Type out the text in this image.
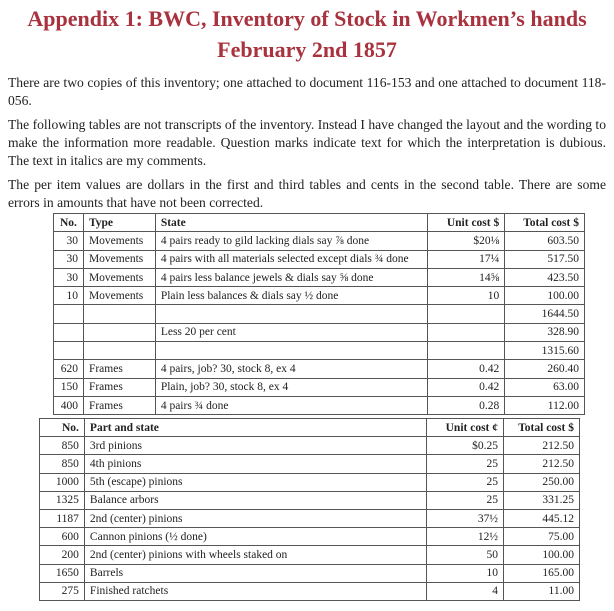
Appendix 1: BWC, Inventory of Stock in Workmen’s hands
February 2nd 1857

There are two copies of this inventory; one attached to document 116-153 and one attached to document 118-056.

The following tables are not transcripts of the inventory. Instead I have changed the layout and the wording to make the information more readable. Question marks indicate text for which the interpretation is dubious. The text in italics are my comments.

The per item values are dollars in the first and third tables and cents in the second table. There are some errors in amounts that have not been corrected.

No.	Type	State	Unit cost $	Total cost $
30	Movements	4 pairs ready to gild lacking dials say ⅞ done	$20⅛	603.50
30	Movements	4 pairs with all materials selected except dials ¾ done	17¼	517.50
30	Movements	4 pairs less balance jewels & dials say ⅝ done	14⅝	423.50
10	Movements	Plain less balances & dials say ½ done	10	100.00
				1644.50
		Less 20 per cent		328.90
				1315.60
620	Frames	4 pairs, job? 30, stock 8, ex 4	0.42	260.40
150	Frames	Plain, job? 30, stock 8, ex 4	0.42	63.00
400	Frames	4 pairs ¾ done	0.28	112.00
No.	Part and state	Unit cost ¢	Total cost $
850	3rd pinions	$0.25	212.50
850	4th pinions	25	212.50
1000	5th (escape) pinions	25	250.00
1325	Balance arbors	25	331.25
1187	2nd (center) pinions	37½	445.12
600	Cannon pinions (½ done)	12½	75.00
200	2nd (center) pinions with wheels staked on	50	100.00
1650	Barrels	10	165.00
275	Finished ratchets	4	11.00
